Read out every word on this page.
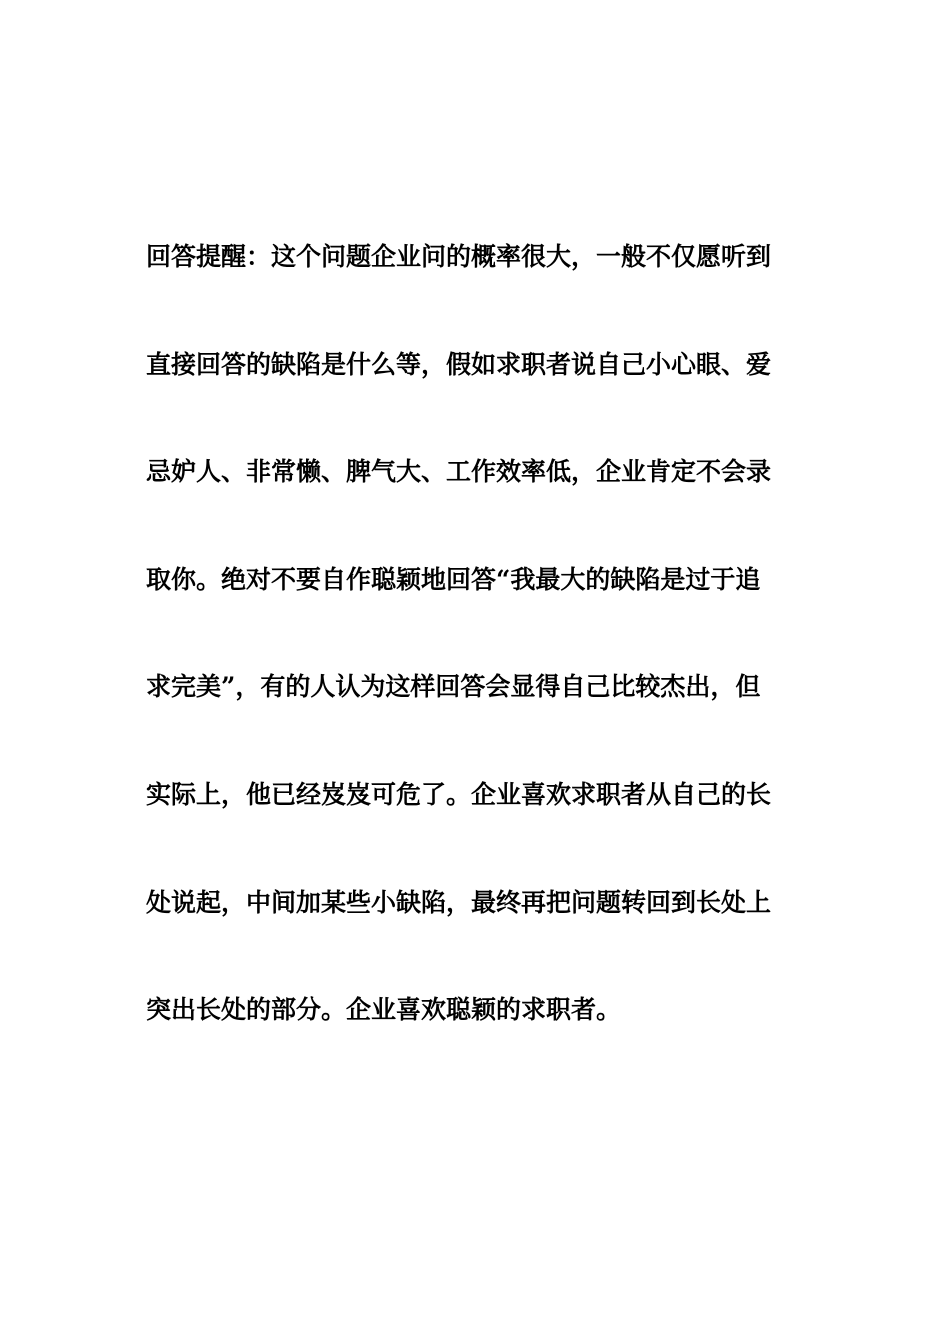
回答提醒：这个问题企业问的概率很大，一般不仅愿听到
直接回答的缺陷是什么等，假如求职者说自己小心眼、爱
忌妒人、非常懒、脾气大、工作效率低，企业肯定不会录
取你。绝对不要自作聪颖地回答“我最大的缺陷是过于追
求完美”，有的人认为这样回答会显得自己比较杰出，但
实际上，他已经岌岌可危了。企业喜欢求职者从自己的长
处说起，中间加某些小缺陷，最终再把问题转回到长处上
突出长处的部分。企业喜欢聪颖的求职者。
